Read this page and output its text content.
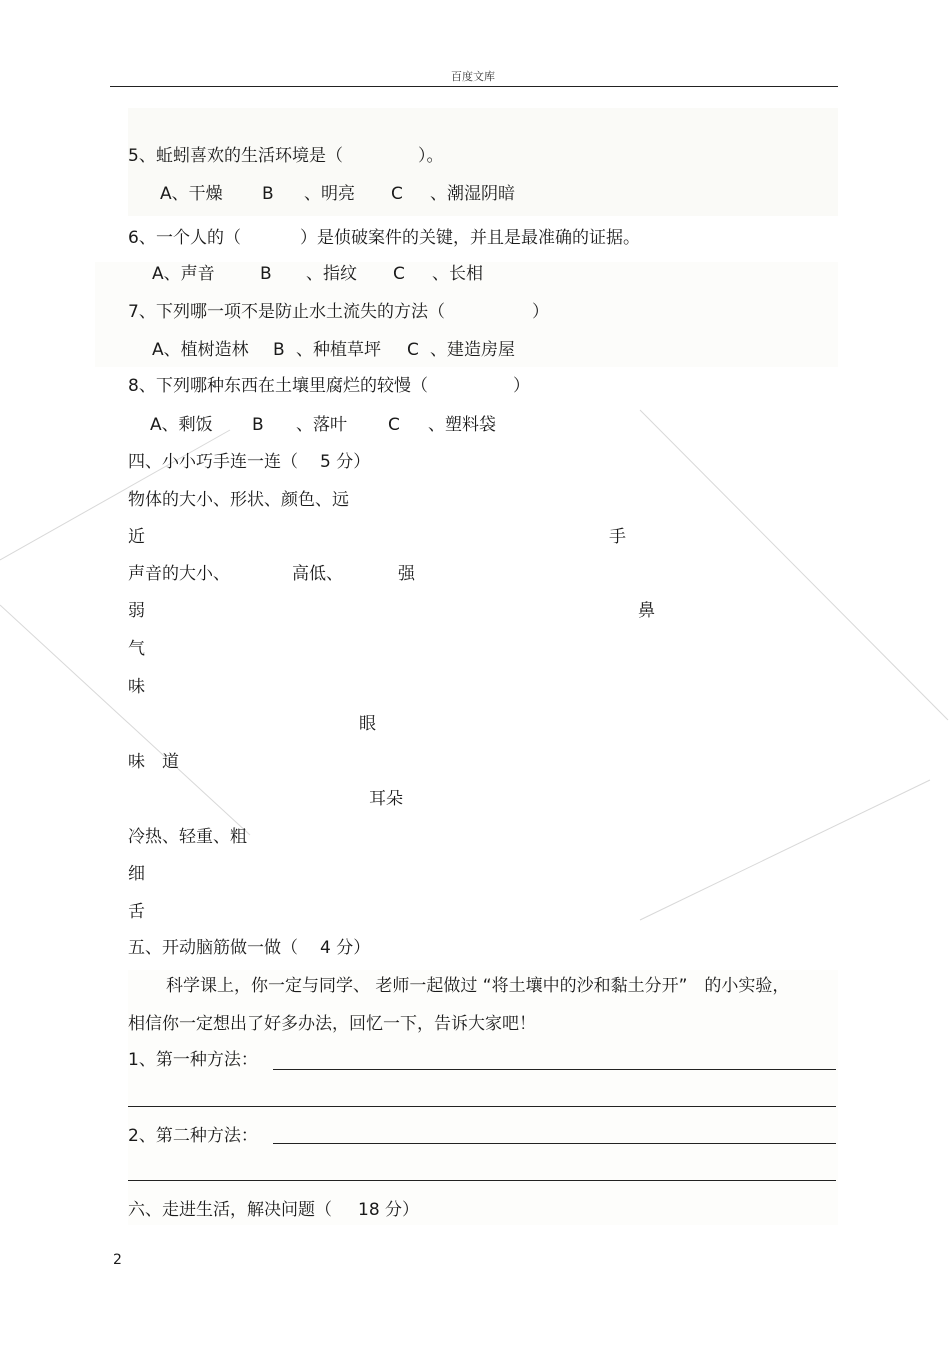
百度文库
5、 蚯蚓喜欢的生活环境是（	）。
A、干燥 B 、明亮 C 、潮湿阴暗
6、 一个人的（	）是侦破案件的关键，并且是最准确的证据。
A、声音	B 、指纹 C 、长相
7、 下列哪一项不是防止水土流失的方法（	）
A、植树造林 B 、种植草坪 C 、建造房屋
8、 下列哪种东西在土壤里腐烂的较慢（	）
A、剩饭 B 、落叶 C 、塑料袋
四、小小巧手连一连（ 5 分）
物体的大小、形状、颜色、远
近	手
声音的大小、	高低、	强
弱	鼻
气
味
眼
味　道
耳朵
冷热、轻重、粗
细
舌
五、开动脑筋做一做（ 4 分）
科学课上，你一定与同学、 老师一起做过 “将土壤中的沙和黏土分开”　的小实验，
相信你一定想出了好多办法，回忆一下，告诉大家吧！
1、第一种方法：
2、第二种方法：
六、走进生活，解决问题（ 18 分）
2
